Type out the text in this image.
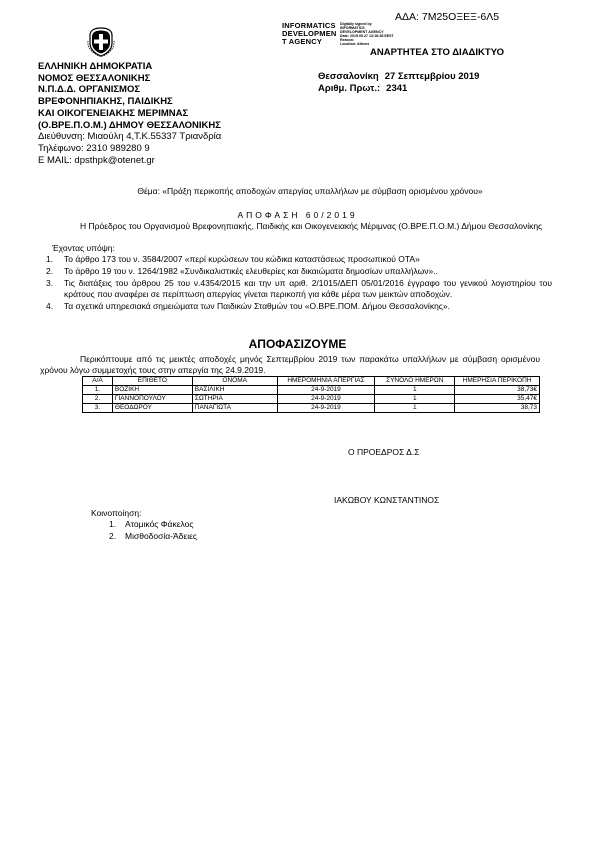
ΑΔΑ: 7Μ25ΟΞΕΞ-6Λ5
INFORMATICS
DEVELOPMEN
T AGENCY
Digitally signed by
INFORMATICS
DEVELOPMENT AGENCY
Date: 2019.09.27 13:18:38 EEST
Reason:
Location: Athens
ΑΝΑΡΤΗΤΕΑ ΣΤΟ ΔΙΑΔΙΚΤΥΟ
ΕΛΛΗΝΙΚΗ ΔΗΜΟΚΡΑΤΙΑ
ΝΟΜΟΣ ΘΕΣΣΑΛΟΝΙΚΗΣ
Ν.Π.Δ.Δ. ΟΡΓΑΝΙΣΜΟΣ
ΒΡΕΦΟΝΗΠΙΑΚΗΣ, ΠΑΙΔΙΚΗΣ
ΚΑΙ ΟΙΚΟΓΕΝΕΙΑΚΗΣ ΜΕΡΙΜΝΑΣ
(Ο.ΒΡΕ.Π.Ο.Μ.) ΔΗΜΟΥ ΘΕΣΣΑΛΟΝΙΚΗΣ
Διεύθυνση: Μιαούλη 4,Τ.Κ.55337 Τριανδρία
Τηλέφωνο: 2310 989280 9
E MAIL: dpsthpk@otenet.gr
Θεσσαλονίκη 27 Σεπτεμβρίου 2019
Αριθμ. Πρωτ.: 2341
Θέμα: «Πράξη περικοπής αποδοχών απεργίας υπαλλήλων με σύμβαση ορισμένου χρόνου»
ΑΠΟΦΑΣΗ 60/2019
Η Πρόεδρος του Οργανισμού Βρεφονηπιακής, Παιδικής και Οικογενειακής Μέριμνας (Ο.ΒΡΕ.Π.Ο.Μ.) Δήμου Θεσσαλονίκης
Έχοντας υπόψη:
1.	Το άρθρο 173 του ν. 3584/2007 «περί κυρώσεων του κώδικα καταστάσεως προσωπικού ΟΤΑ»
2.	Το άρθρο 19 του ν. 1264/1982 «Συνδικαλιστικές ελευθερίες και δικαιώματα δημοσίων υπαλλήλων»..
3.	Τις διατάξεις του άρθρου 25 του ν.4354/2015 και την υπ αριθ. 2/1015/ΔΕΠ 05/01/2016 έγγραφο του γενικού λογιστηρίου του κράτους που αναφέρει σε περίπτωση απεργίας γίνεται περικοπή για κάθε μέρα των μεικτών αποδοχών.
4.	Τα σχετικά υπηρεσιακά σημειώματα των Παιδικών Σταθμών του «Ο.ΒΡΕ.ΠΟΜ. Δήμου Θεσσαλονίκης».
ΑΠΟΦΑΣΙΖΟΥΜΕ
Περικόπτουμε από τις μεικτές αποδοχές μηνός Σεπτεμβρίου 2019 των παρακάτω υπαλλήλων με σύμβαση ορισμένου χρόνου λόγω συμμετοχής τους στην απεργία της 24.9.2019.
Α/Α	ΕΠΙΘΕΤΟ	ΟΝΟΜΑ	ΗΜΕΡΟΜΗΝΙΑ ΑΠΕΡΓΙΑΣ	ΣΥΝΟΛΟ ΗΜΕΡΩΝ	ΗΜΕΡΗΣΙΑ ΠΕΡΙΚΟΠΗ
1.	ΒΟΖΙΚΗ	ΒΑΣΙΛΙΚΗ	24-9-2019	1	38,73€
2.	ΓΙΑΝΝΟΠΟΥΛΟΥ	ΣΩΤΗΡΙΑ	24-9-2019	1	35,47€
3.	ΘΕΟΔΩΡΟΥ	ΠΑΝΑΓΙΩΤΑ	24-9-2019	1	38,73
Ο ΠΡΟΕΔΡΟΣ Δ.Σ
ΙΑΚΩΒΟΥ ΚΩΝΣΤΑΝΤΙΝΟΣ
Κοινοποίηση:
1. Ατομικός Φάκελος
2. Μισθοδοσία-Άδειες
